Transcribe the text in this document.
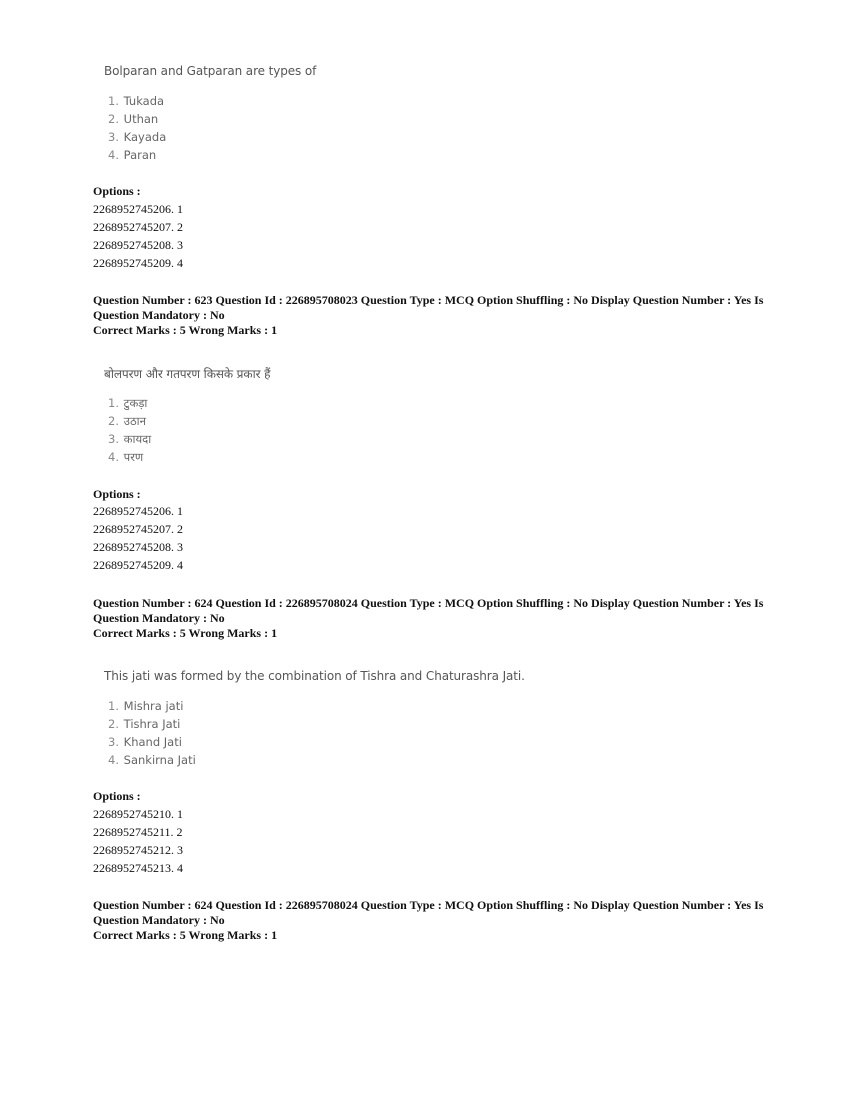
Bolparan and Gatparan are types of
1. Tukada
2. Uthan
3. Kayada
4. Paran
Options :
2268952745206. 1
2268952745207. 2
2268952745208. 3
2268952745209. 4
Question Number : 623 Question Id : 226895708023 Question Type : MCQ Option Shuffling : No Display Question Number : Yes Is Question Mandatory : No
Correct Marks : 5 Wrong Marks : 1
बोलपरण और गतपरण किसके प्रकार हैं
1. टुकड़ा
2. उठान
3. कायदा
4. परण
Options :
2268952745206. 1
2268952745207. 2
2268952745208. 3
2268952745209. 4
Question Number : 624 Question Id : 226895708024 Question Type : MCQ Option Shuffling : No Display Question Number : Yes Is Question Mandatory : No
Correct Marks : 5 Wrong Marks : 1
This jati was formed by the combination of Tishra and Chaturashra Jati.
1. Mishra jati
2. Tishra Jati
3. Khand Jati
4. Sankirna Jati
Options :
2268952745210. 1
2268952745211. 2
2268952745212. 3
2268952745213. 4
Question Number : 624 Question Id : 226895708024 Question Type : MCQ Option Shuffling : No Display Question Number : Yes Is Question Mandatory : No
Correct Marks : 5 Wrong Marks : 1
